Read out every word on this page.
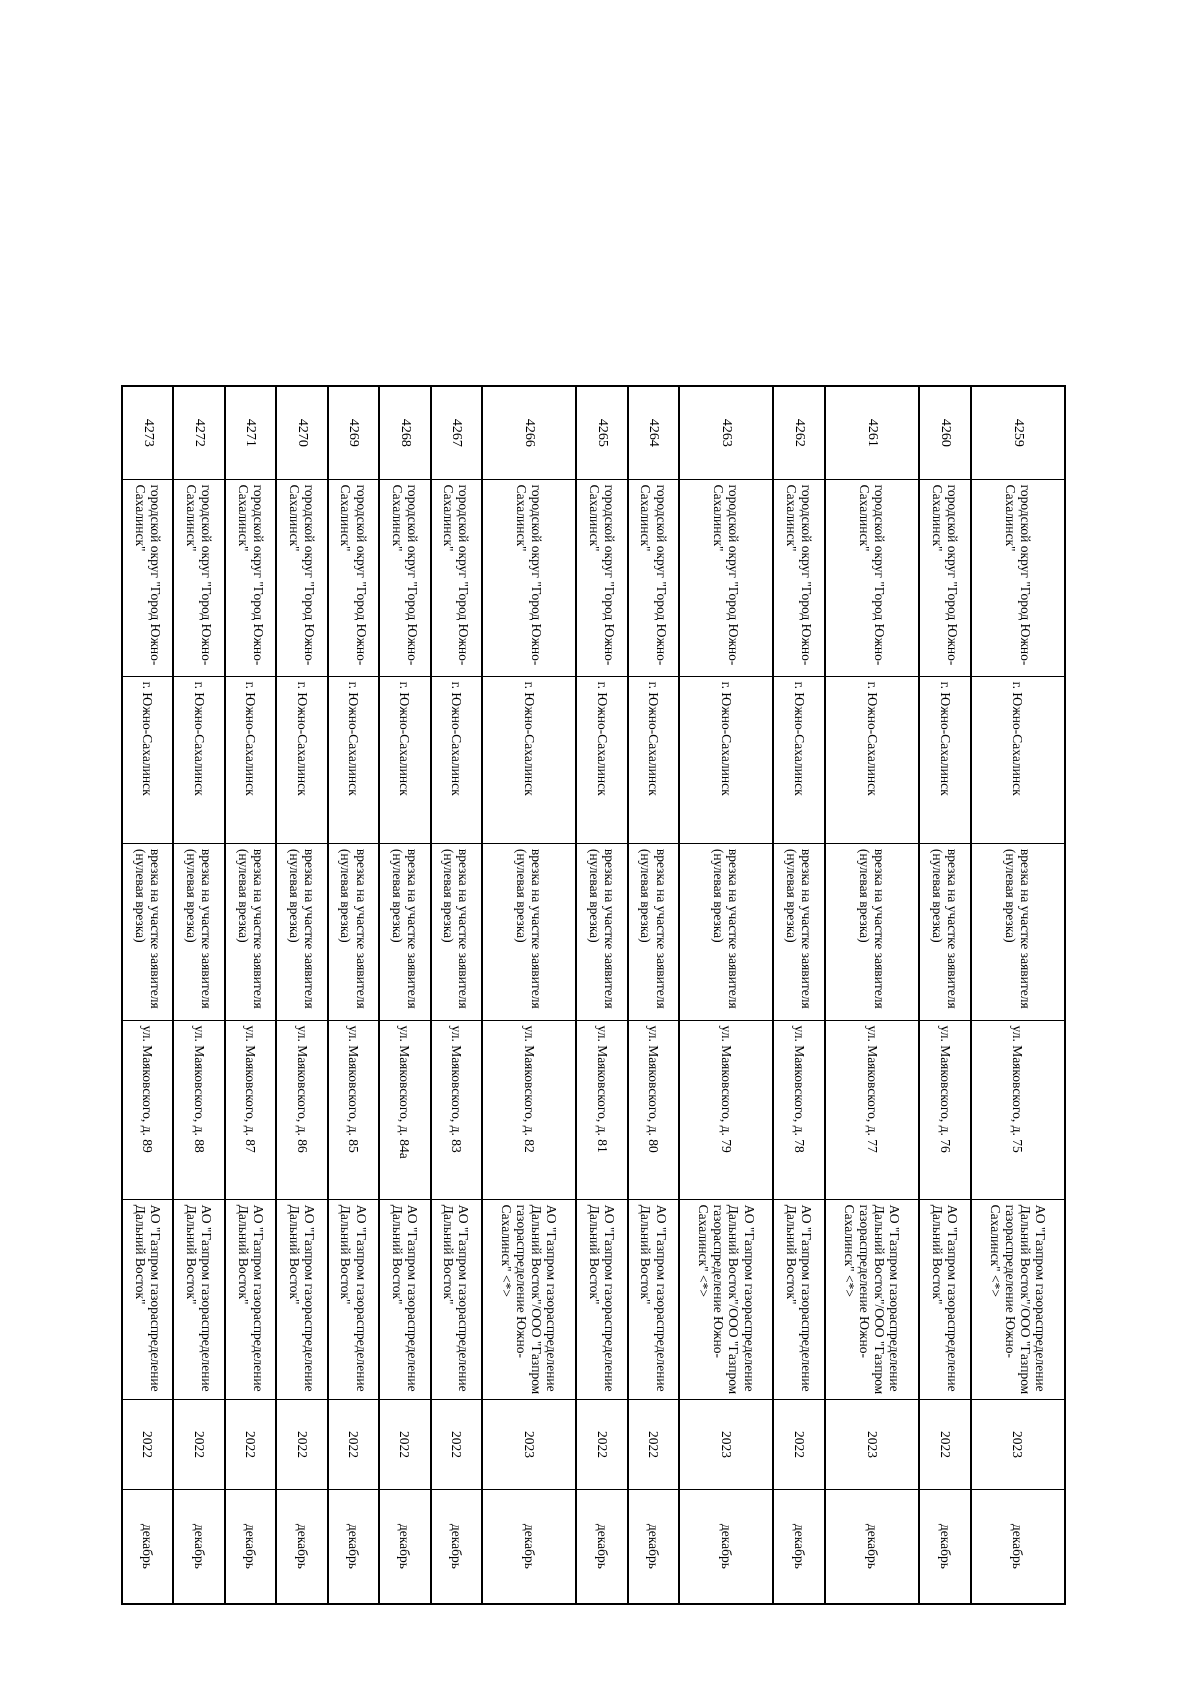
4259	городской округ "Город Южно-Сахалинск"	г. Южно-Сахалинск	врезка на участке заявителя (нулевая врезка)	ул. Маяковского, д. 75	АО "Газпром газораспределение Дальний Восток"/ООО "Газпром газораспределение Южно-Сахалинск" <*>	2023	декабрь
4260	городской округ "Город Южно-Сахалинск"	г. Южно-Сахалинск	врезка на участке заявителя (нулевая врезка)	ул. Маяковского, д. 76	АО "Газпром газораспределение Дальний Восток"	2022	декабрь
4261	городской округ "Город Южно-Сахалинск"	г. Южно-Сахалинск	врезка на участке заявителя (нулевая врезка)	ул. Маяковского, д. 77	АО "Газпром газораспределение Дальний Восток"/ООО "Газпром газораспределение Южно-Сахалинск" <*>	2023	декабрь
4262	городской округ "Город Южно-Сахалинск"	г. Южно-Сахалинск	врезка на участке заявителя (нулевая врезка)	ул. Маяковского, д. 78	АО "Газпром газораспределение Дальний Восток"	2022	декабрь
4263	городской округ "Город Южно-Сахалинск"	г. Южно-Сахалинск	врезка на участке заявителя (нулевая врезка)	ул. Маяковского, д. 79	АО "Газпром газораспределение Дальний Восток"/ООО "Газпром газораспределение Южно-Сахалинск" <*>	2023	декабрь
4264	городской округ "Город Южно-Сахалинск"	г. Южно-Сахалинск	врезка на участке заявителя (нулевая врезка)	ул. Маяковского, д. 80	АО "Газпром газораспределение Дальний Восток"	2022	декабрь
4265	городской округ "Город Южно-Сахалинск"	г. Южно-Сахалинск	врезка на участке заявителя (нулевая врезка)	ул. Маяковского, д. 81	АО "Газпром газораспределение Дальний Восток"	2022	декабрь
4266	городской округ "Город Южно-Сахалинск"	г. Южно-Сахалинск	врезка на участке заявителя (нулевая врезка)	ул. Маяковского, д. 82	АО "Газпром газораспределение Дальний Восток"/ООО "Газпром газораспределение Южно-Сахалинск" <*>	2023	декабрь
4267	городской округ "Город Южно-Сахалинск"	г. Южно-Сахалинск	врезка на участке заявителя (нулевая врезка)	ул. Маяковского, д. 83	АО "Газпром газораспределение Дальний Восток"	2022	декабрь
4268	городской округ "Город Южно-Сахалинск"	г. Южно-Сахалинск	врезка на участке заявителя (нулевая врезка)	ул. Маяковского, д. 84а	АО "Газпром газораспределение Дальний Восток"	2022	декабрь
4269	городской округ "Город Южно-Сахалинск"	г. Южно-Сахалинск	врезка на участке заявителя (нулевая врезка)	ул. Маяковского, д. 85	АО "Газпром газораспределение Дальний Восток"	2022	декабрь
4270	городской округ "Город Южно-Сахалинск"	г. Южно-Сахалинск	врезка на участке заявителя (нулевая врезка)	ул. Маяковского, д. 86	АО "Газпром газораспределение Дальний Восток"	2022	декабрь
4271	городской округ "Город Южно-Сахалинск"	г. Южно-Сахалинск	врезка на участке заявителя (нулевая врезка)	ул. Маяковского, д. 87	АО "Газпром газораспределение Дальний Восток"	2022	декабрь
4272	городской округ "Город Южно-Сахалинск"	г. Южно-Сахалинск	врезка на участке заявителя (нулевая врезка)	ул. Маяковского, д. 88	АО "Газпром газораспределение Дальний Восток"	2022	декабрь
4273	городской округ "Город Южно-Сахалинск"	г. Южно-Сахалинск	врезка на участке заявителя (нулевая врезка)	ул. Маяковского, д. 89	АО "Газпром газораспределение Дальний Восток"	2022	декабрь
